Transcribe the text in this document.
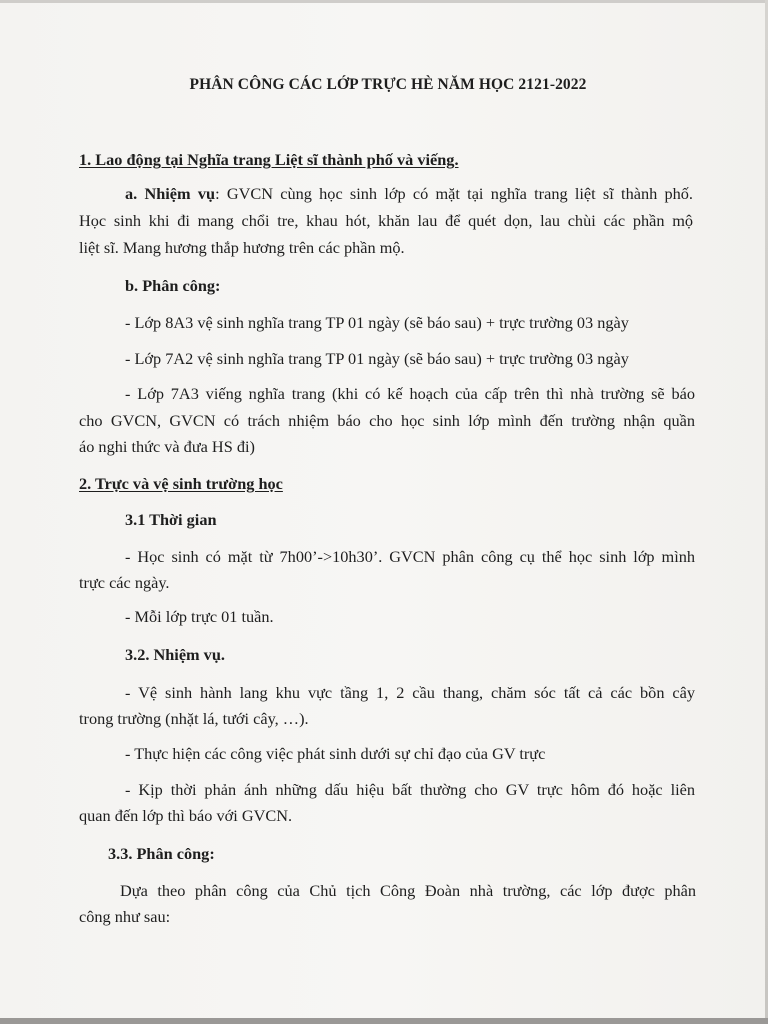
PHÂN CÔNG CÁC LỚP TRỰC HÈ NĂM HỌC 2121-2022

1. Lao động tại Nghĩa trang Liệt sĩ thành phố và viếng.

a. Nhiệm vụ: GVCN cùng học sinh lớp có mặt tại nghĩa trang liệt sĩ thành phố.

Học sinh khi đi mang chổi tre, khau hót, khăn lau để quét dọn, lau chùi các phần mộ

liệt sĩ. Mang hương thắp hương trên các phần mộ.

b. Phân công:

- Lớp 8A3 vệ sinh nghĩa trang TP 01 ngày (sẽ báo sau) + trực trường 03 ngày

- Lớp 7A2 vệ sinh nghĩa trang TP 01 ngày (sẽ báo sau) + trực trường 03 ngày

- Lớp 7A3 viếng nghĩa trang (khi có kế hoạch của cấp trên thì nhà trường sẽ báo

cho GVCN, GVCN có trách nhiệm báo cho học sinh lớp mình đến trường nhận quần

áo nghi thức và đưa HS đi)

2. Trực và vệ sinh trường học

3.1 Thời gian

- Học sinh có mặt từ 7h00’->10h30’. GVCN phân công cụ thể học sinh lớp mình

trực các ngày.

- Mỗi lớp trực 01 tuần.

3.2. Nhiệm vụ.

- Vệ sinh hành lang khu vực tầng 1, 2 cầu thang, chăm sóc tất cả các bồn cây

trong trường (nhặt lá, tưới cây, …).

- Thực hiện các công việc phát sinh dưới sự chỉ đạo của GV trực

- Kịp thời phản ánh những dấu hiệu bất thường cho GV trực hôm đó hoặc liên

quan đến lớp thì báo với GVCN.

3.3. Phân công:

Dựa theo phân công của Chủ tịch Công Đoàn nhà trường, các lớp được phân

công như sau:
